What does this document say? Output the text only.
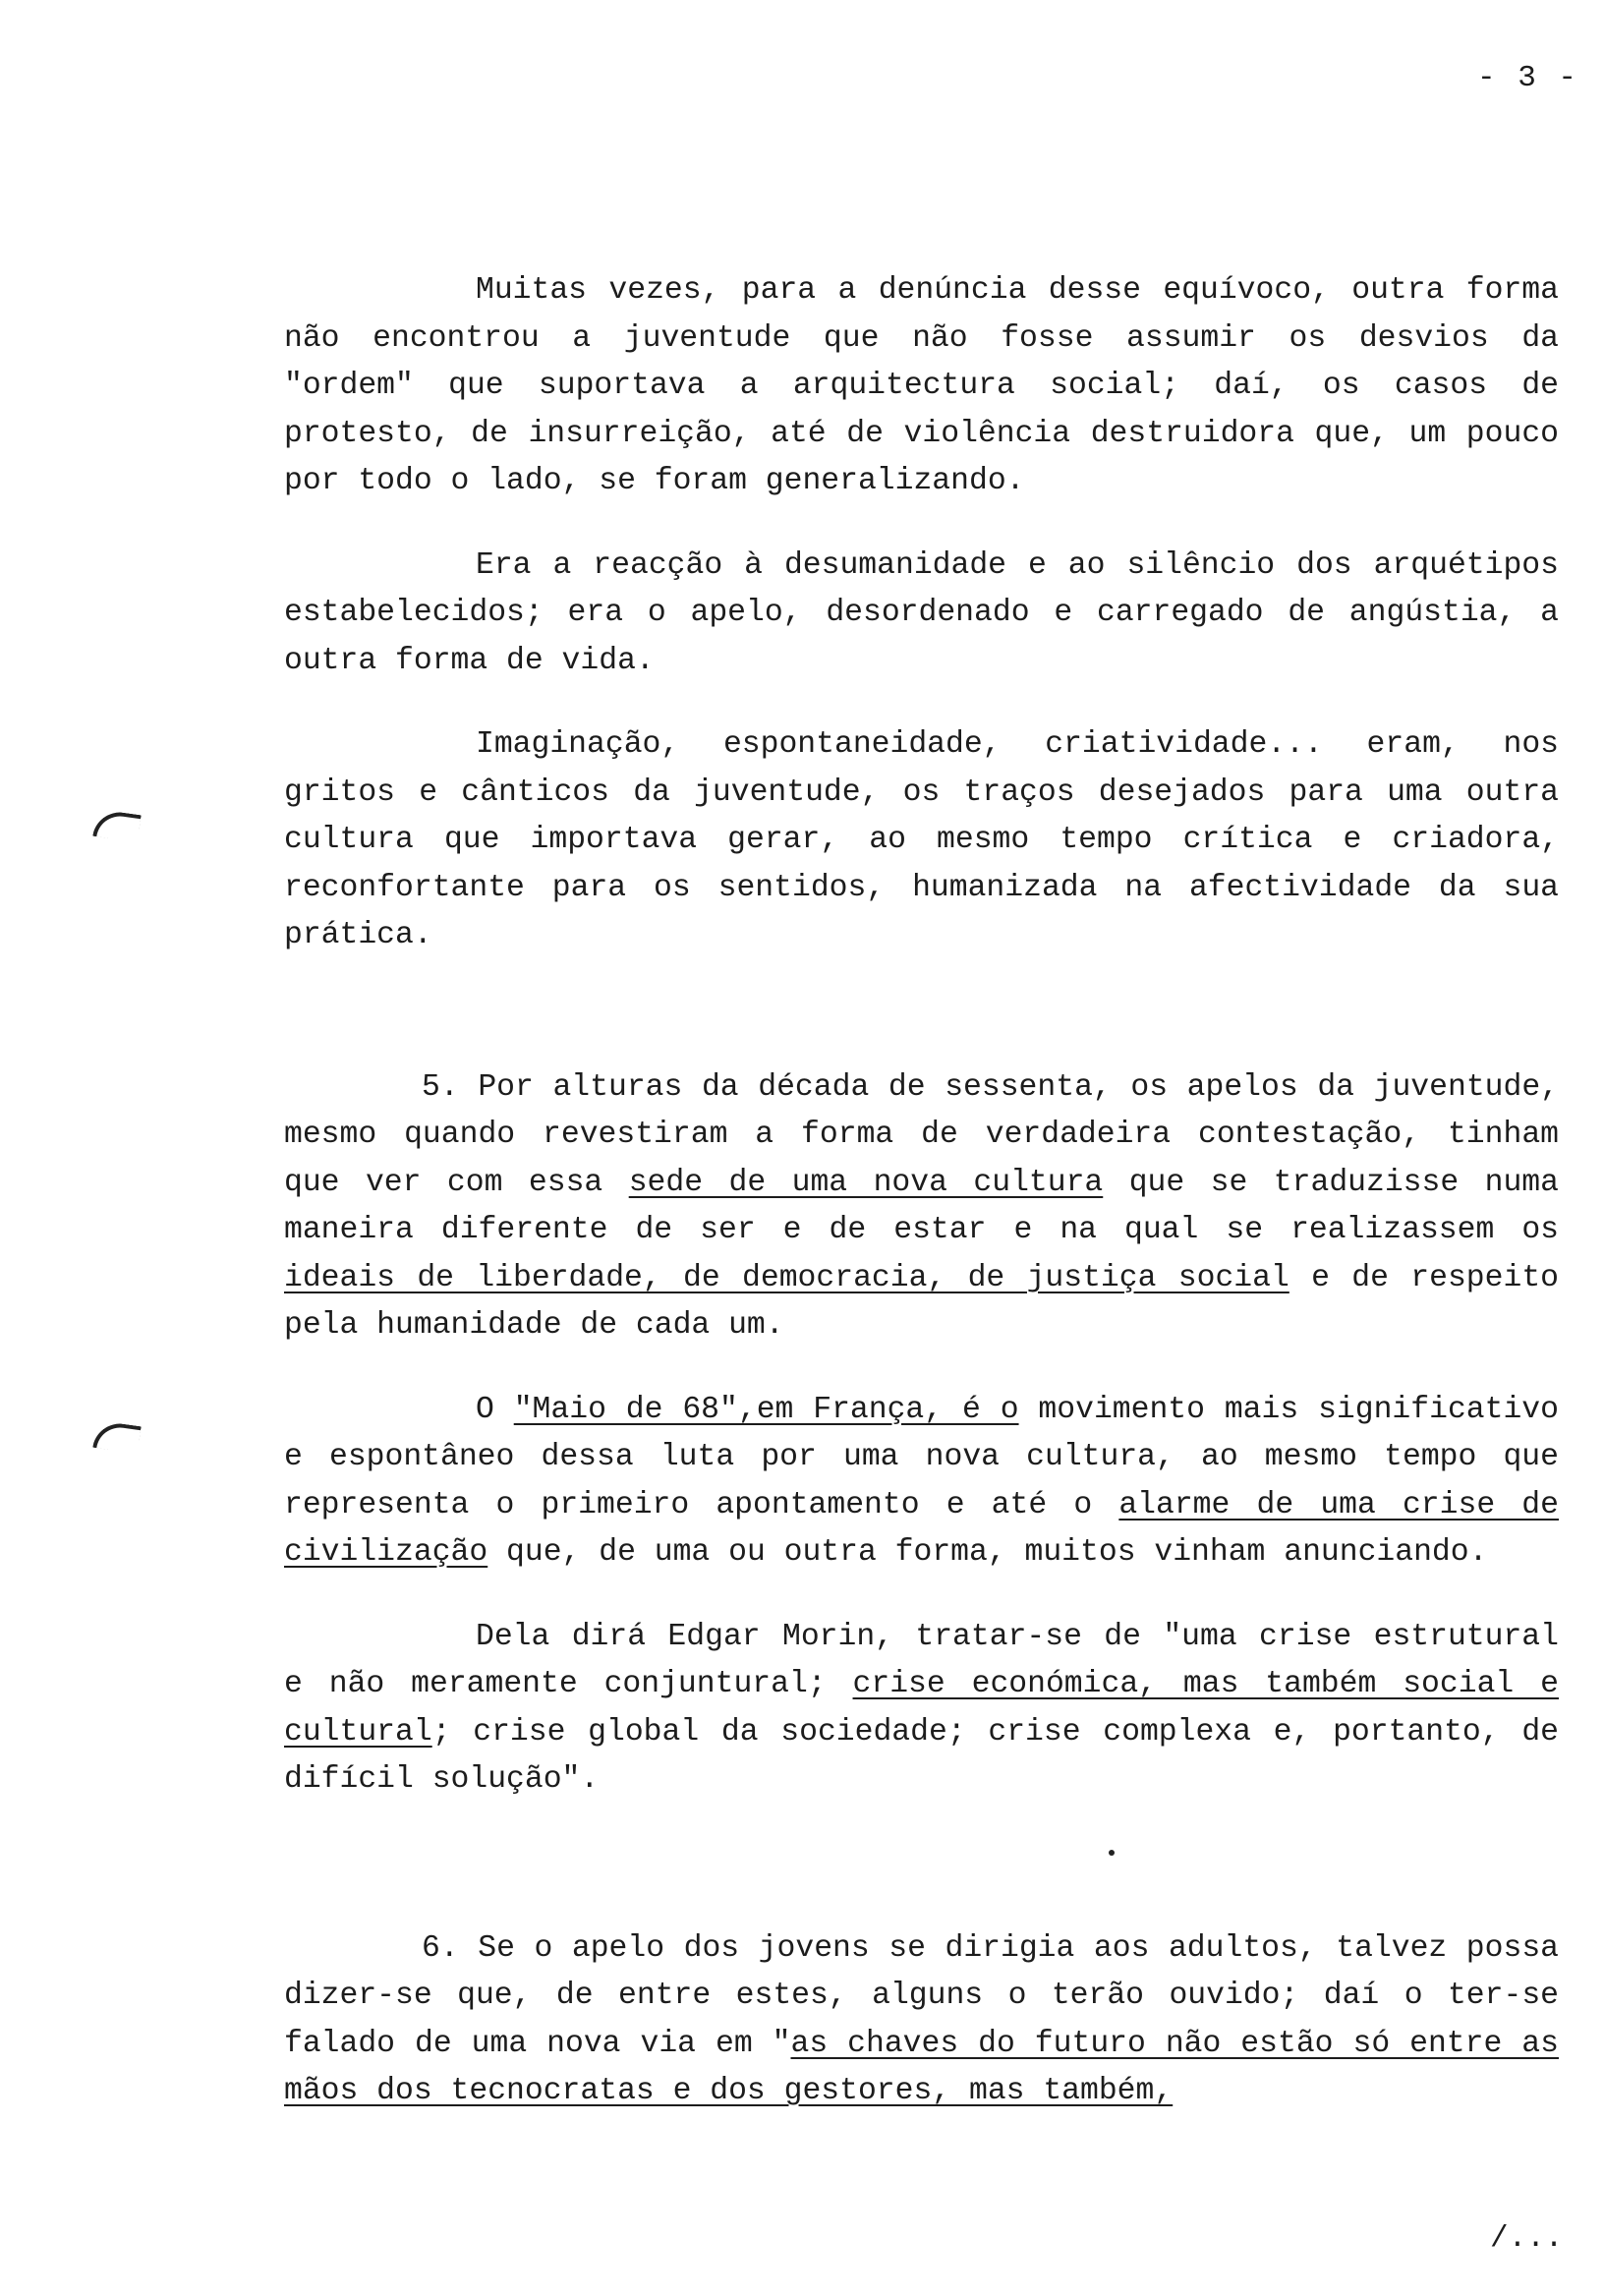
- 3 -

Muitas vezes, para a denúncia desse equívoco, outra forma não encontrou a juventude que não fosse assumir os desvios da "ordem" que suportava a arquitectura social; daí, os casos de protesto, de insurreição, até de violência destruidora que, um pouco por todo o lado, se foram generalizando.

Era a reacção à desumanidade e ao silêncio dos arquétipos estabelecidos; era o apelo, desordenado e carregado de angústia, a outra forma de vida.

Imaginação, espontaneidade, criatividade... eram, nos gritos e cânticos da juventude, os traços desejados para uma outra cultura que importava gerar, ao mesmo tempo crítica e criadora, reconfortante para os sentidos, humanizada na afectividade da sua prática.

5. Por alturas da década de sessenta, os apelos da juventude, mesmo quando revestiram a forma de verdadeira contestação, tinham que ver com essa sede de uma nova cultura que se traduzisse numa maneira diferente de ser e de estar e na qual se realizassem os ideais de liberdade, de democracia, de justiça social e de respeito pela humanidade de cada um.

O "Maio de 68",em França, é o movimento mais significativo e espontâneo dessa luta por uma nova cultura, ao mesmo tempo que representa o primeiro apontamento e até o alarme de uma crise de civilização que, de uma ou outra forma, muitos vinham anunciando.

Dela dirá Edgar Morin, tratar-se de "uma crise estrutural e não meramente conjuntural; crise económica, mas também social e cultural; crise global da sociedade; crise complexa e, portanto, de difícil solução".

6. Se o apelo dos jovens se dirigia aos adultos, talvez possa dizer-se que, de entre estes, alguns o terão ouvido; daí o ter-se falado de uma nova via em "as chaves do futuro não estão só entre as mãos dos tecnocratas e dos gestores, mas também,

/...
